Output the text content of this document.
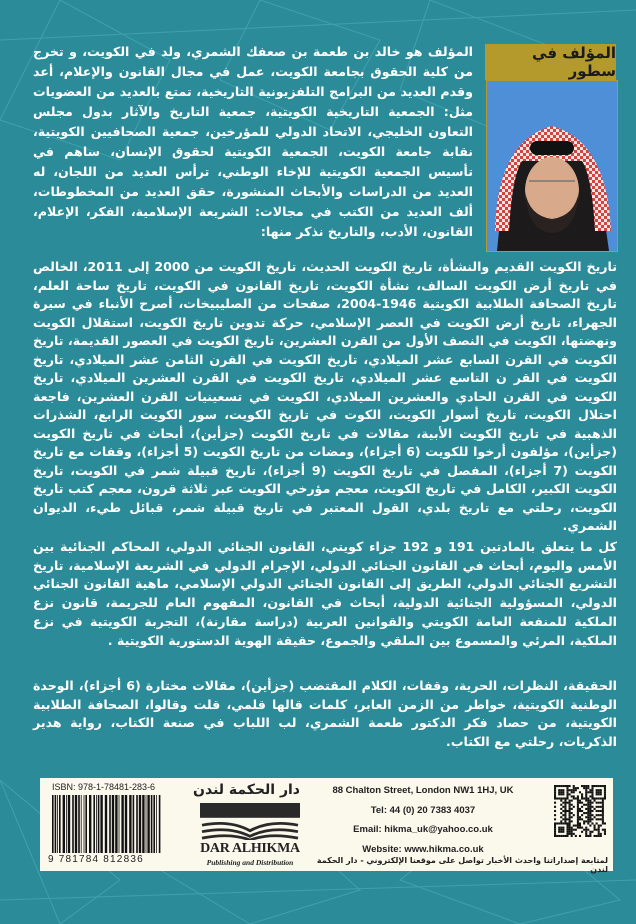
المؤلف في سطور
المؤلف هو خالد بن طعمة بن صعفك الشمري، ولد في الكويت، و تخرج من كلية الحقوق بجامعة الكويت، عمل في مجال القانون والإعلام، أعد وقدم العديد من البرامج التلفزيونية التاريخية، تمتع بالعديد من العضويات مثل: الجمعية التاريخية الكويتية، جمعية التاريخ والآثار بدول مجلس التعاون الخليجي، الاتحاد الدولي للمؤرخين، جمعية الصحافيين الكويتية، نقابة جامعة الكويت، الجمعية الكويتية لحقوق الإنسان، ساهم في تأسيس الجمعية الكويتية للإخاء الوطني، ترأس العديد من اللجان، له العديد من الدراسات والأبحاث المنشورة، حقق العديد من المخطوطات، ألف العديد من الكتب في مجالات: الشريعة الإسلامية، الفكر، الإعلام، القانون، الأدب، والتاريخ نذكر منها:
تاريخ الكويت القديم والنشأة، تاريخ الكويت الحديث، تاريخ الكويت من 2000 إلى 2011، الخالص في تاريخ أرض الكويت السالف، نشأة الكويت، تاريخ القانون في الكويت، تاريخ ساحة العلم، تاريخ الصحافة الطلابية الكويتية 1946-2004، صفحات من الصليبيخات، أصرح الأنباء في سيرة الجهراء، تاريخ أرض الكويت في العصر الإسلامي، حركة تدوين تاريخ الكويت، استقلال الكويت ونهضتها، الكويت في النصف الأول من القرن العشرين، تاريخ الكويت في العصور القديمة، تاريخ الكويت في القرن السابع عشر الميلادي، تاريخ الكويت في القرن الثامن عشر الميلادي، تاريخ الكويت في القر ن التاسع عشر الميلادي، تاريخ الكويت في القرن العشرين الميلادي، تاريخ الكويت في القرن الحادي والعشرين الميلادي، الكويت في تسعينيات القرن العشرين، فاجعة احتلال الكويت، تاريخ أسوار الكويت، الكوت في تاريخ الكويت، سور الكويت الرابع، الشذرات الذهبية في تاريخ الكويت الأبية، مقالات في تاريخ الكويت (جزأين)، أبحاث في تاريخ الكويت (جزأين)، مؤلفون أرخوا للكويت (6 أجزاء)، ومضات من تاريخ الكويت (5 أجزاء)، وقفات مع تاريخ الكويت (7 أجزاء)، المفصل في تاريخ الكويت (9 أجزاء)، تاريخ قبيلة شمر في الكويت، تاريخ الكويت الكبير، الكامل في تاريخ الكويت، معجم مؤرخي الكويت عبر ثلاثة قرون، معجم كتب تاريخ الكويت، رحلتي مع تاريخ بلدي، القول المعتبر في تاريخ قبيلة شمر، قبائل طيء، الديوان الشمري.
كل ما يتعلق بالمادتين 191 و 192 جزاء كويتي، القانون الجنائي الدولي، المحاكم الجنائية بين الأمس واليوم، أبحاث في القانون الجنائي الدولي، الإجرام الدولي في الشريعة الإسلامية، تاريخ التشريع الجنائي الدولي، الطريق إلى القانون الجنائي الدولي الإسلامي، ماهية القانون الجنائي الدولي، المسؤولية الجنائية الدولية، أبحاث في القانون، المفهوم العام للجريمة، قانون نزع الملكية للمنفعة العامة الكويتي والقوانين العربية (دراسة مقارنة)، التجربة الكويتية في نزع الملكية، المرئي والمسموع بين الملقي والجموع، حقيقة الهوية الدستورية الكويتية .
الحقيقة، النظرات، الحرية، وقفات، الكلام المقتضب (جزأين)، مقالات مختارة (6 أجزاء)، الوحدة الوطنية الكويتية، خواطر من الزمن العابر، كلمات قالها قلمي، قلت وقالوا، الصحافة الطلابية الكويتية، من حصاد فكر الدكتور طعمة الشمري، لب اللباب في صنعة الكتاب، رواية هدير الذكريات، رحلتي مع الكتاب.
ISBN: 978-1-78481-283-6
9 781784 812836
دار الحكمة لندن
DAR ALHIKMA
Publishing and Distribution
88 Chalton Street, London NW1 1HJ, UK
Tel: 44 (0) 20 7383 4037
Email: hikma_uk@yahoo.co.uk
Website: www.hikma.co.uk
لمتابعة إصداراتنا واحدث الأخبار تواصل على موقعنا الإلكتروني - دار الحكمة لندن
